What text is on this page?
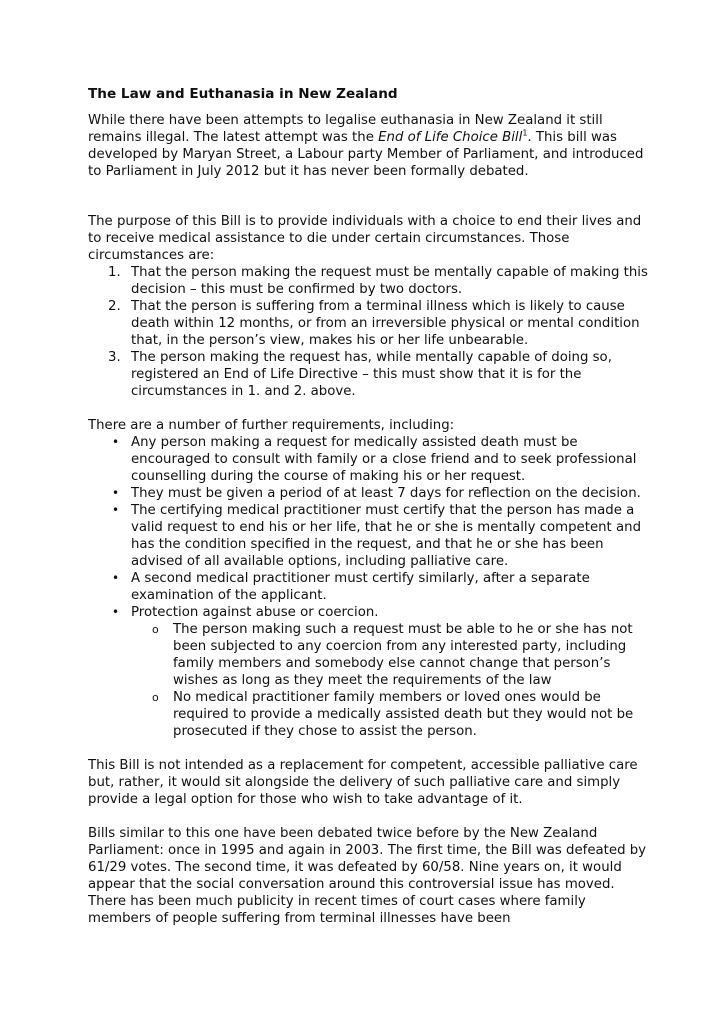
The Law and Euthanasia in New Zealand

While there have been attempts to legalise euthanasia in New Zealand it still remains illegal. The latest attempt was the End of Life Choice Bill$^1$. This bill was developed by Maryan Street, a Labour party Member of Parliament, and introduced to Parliament in July 2012 but it has never been formally debated.

The purpose of this Bill is to provide individuals with a choice to end their lives and to receive medical assistance to die under certain circumstances. Those circumstances are:

1. That the person making the request must be mentally capable of making this decision – this must be confirmed by two doctors.
2. That the person is suffering from a terminal illness which is likely to cause death within 12 months, or from an irreversible physical or mental condition that, in the person’s view, makes his or her life unbearable.
3. The person making the request has, while mentally capable of doing so, registered an End of Life Directive – this must show that it is for the circumstances in 1. and 2. above.

There are a number of further requirements, including:

• Any person making a request for medically assisted death must be encouraged to consult with family or a close friend and to seek professional counselling during the course of making his or her request.
• They must be given a period of at least 7 days for reflection on the decision.
• The certifying medical practitioner must certify that the person has made a valid request to end his or her life, that he or she is mentally competent and has the condition specified in the request, and that he or she has been advised of all available options, including palliative care.
• A second medical practitioner must certify similarly, after a separate examination of the applicant.
• Protection against abuse or coercion.
o The person making such a request must be able to he or she has not been subjected to any coercion from any interested party, including family members and somebody else cannot change that person’s wishes as long as they meet the requirements of the law
o No medical practitioner family members or loved ones would be required to provide a medically assisted death but they would not be prosecuted if they chose to assist the person.

This Bill is not intended as a replacement for competent, accessible palliative care but, rather, it would sit alongside the delivery of such palliative care and simply provide a legal option for those who wish to take advantage of it.

Bills similar to this one have been debated twice before by the New Zealand Parliament: once in 1995 and again in 2003. The first time, the Bill was defeated by 61/29 votes. The second time, it was defeated by 60/58. Nine years on, it would appear that the social conversation around this controversial issue has moved. There has been much publicity in recent times of court cases where family members of people suffering from terminal illnesses have been
